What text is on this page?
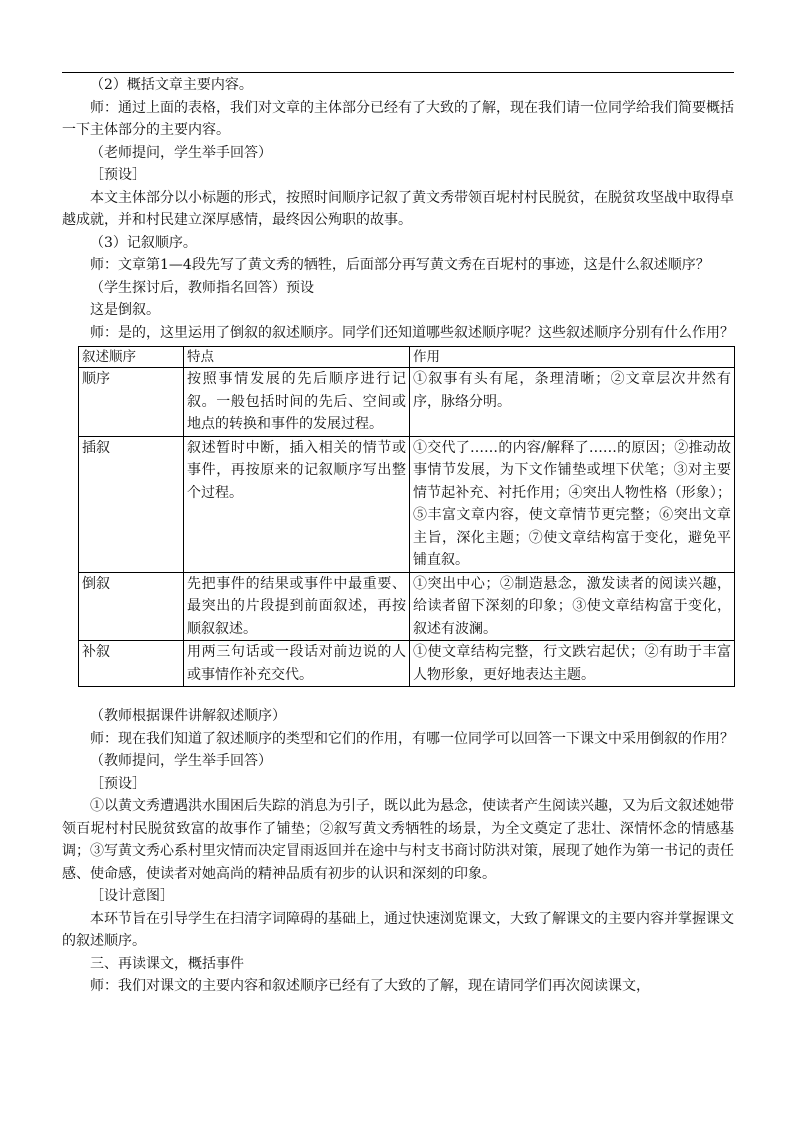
（2）概括文章主要内容。

师：通过上面的表格，我们对文章的主体部分已经有了大致的了解，现在我们请一位同学给我们简要概括一下主体部分的主要内容。

（老师提问，学生举手回答）

［预设］

本文主体部分以小标题的形式，按照时间顺序记叙了黄文秀带领百坭村村民脱贫，在脱贫攻坚战中取得卓越成就，并和村民建立深厚感情，最终因公殉职的故事。

（3）记叙顺序。

师：文章第1—4段先写了黄文秀的牺牲，后面部分再写黄文秀在百坭村的事迹，这是什么叙述顺序？

（学生探讨后，教师指名回答）预设

这是倒叙。

师：是的，这里运用了倒叙的叙述顺序。同学们还知道哪些叙述顺序呢？这些叙述顺序分别有什么作用？

叙述顺序	特点	作用
顺序	按照事情发展的先后顺序进行记叙。一般包括时间的先后、空间或地点的转换和事件的发展过程。	①叙事有头有尾，条理清晰；②文章层次井然有序，脉络分明。
插叙	叙述暂时中断，插入相关的情节或事件，再按原来的记叙顺序写出整个过程。	①交代了……的内容/解释了……的原因；②推动故事情节发展，为下文作铺垫或埋下伏笔；③对主要情节起补充、衬托作用；④突出人物性格（形象）；⑤丰富文章内容，使文章情节更完整；⑥突出文章主旨，深化主题；⑦使文章结构富于变化，避免平铺直叙。
倒叙	先把事件的结果或事件中最重要、最突出的片段提到前面叙述，再按顺叙叙述。	①突出中心；②制造悬念，激发读者的阅读兴趣，给读者留下深刻的印象；③使文章结构富于变化，叙述有波澜。
补叙	用两三句话或一段话对前边说的人或事情作补充交代。	①使文章结构完整，行文跌宕起伏；②有助于丰富人物形象，更好地表达主题。

（教师根据课件讲解叙述顺序）

师：现在我们知道了叙述顺序的类型和它们的作用，有哪一位同学可以回答一下课文中采用倒叙的作用？

（教师提问，学生举手回答）

［预设］

①以黄文秀遭遇洪水围困后失踪的消息为引子，既以此为悬念，使读者产生阅读兴趣，又为后文叙述她带领百坭村村民脱贫致富的故事作了铺垫；②叙写黄文秀牺牲的场景，为全文奠定了悲壮、深情怀念的情感基调；③写黄文秀心系村里灾情而决定冒雨返回并在途中与村支书商讨防洪对策，展现了她作为第一书记的责任感、使命感，使读者对她高尚的精神品质有初步的认识和深刻的印象。

［设计意图］

本环节旨在引导学生在扫清字词障碍的基础上，通过快速浏览课文，大致了解课文的主要内容并掌握课文的叙述顺序。

三、再读课文，概括事件

师：我们对课文的主要内容和叙述顺序已经有了大致的了解，现在请同学们再次阅读课文，
